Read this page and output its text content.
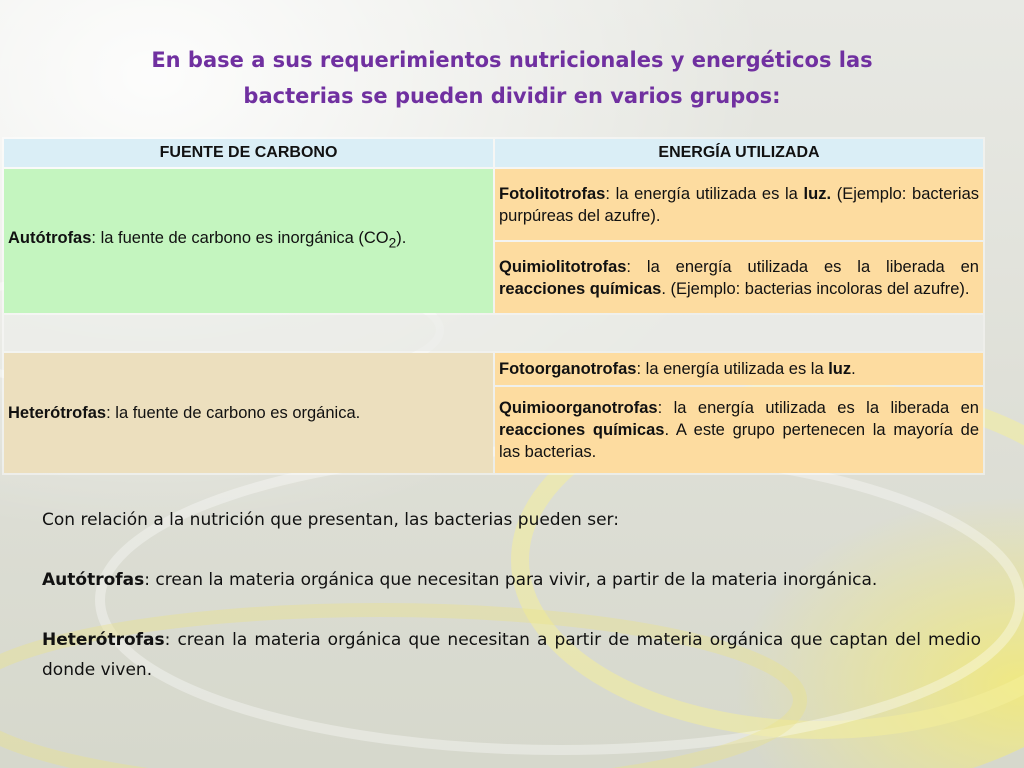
En base a sus requerimientos nutricionales y energéticos las
bacterias se pueden dividir en varios grupos:
FUENTE DE CARBONO	ENERGÍA UTILIZADA
Autótrofas: la fuente de carbono es inorgánica $(CO_2)$.	Fotolitotrofas: la energía utilizada es la luz. (Ejemplo: bacterias purpúreas del azufre).
	Quimiolitotrofas: la energía utilizada es la liberada en reacciones químicas. (Ejemplo: bacterias incoloras del azufre).

Heterótrofas: la fuente de carbono es orgánica.	Fotoorganotrofas: la energía utilizada es la luz.
	Quimioorganotrofas: la energía utilizada es la liberada en reacciones químicas. A este grupo pertenecen la mayoría de las bacterias.

Con relación a la nutrición que presentan, las bacterias pueden ser:

Autótrofas: crean la materia orgánica que necesitan para vivir, a partir de la materia inorgánica.

Heterótrofas: crean la materia orgánica que necesitan a partir de materia orgánica que captan del medio donde viven.
